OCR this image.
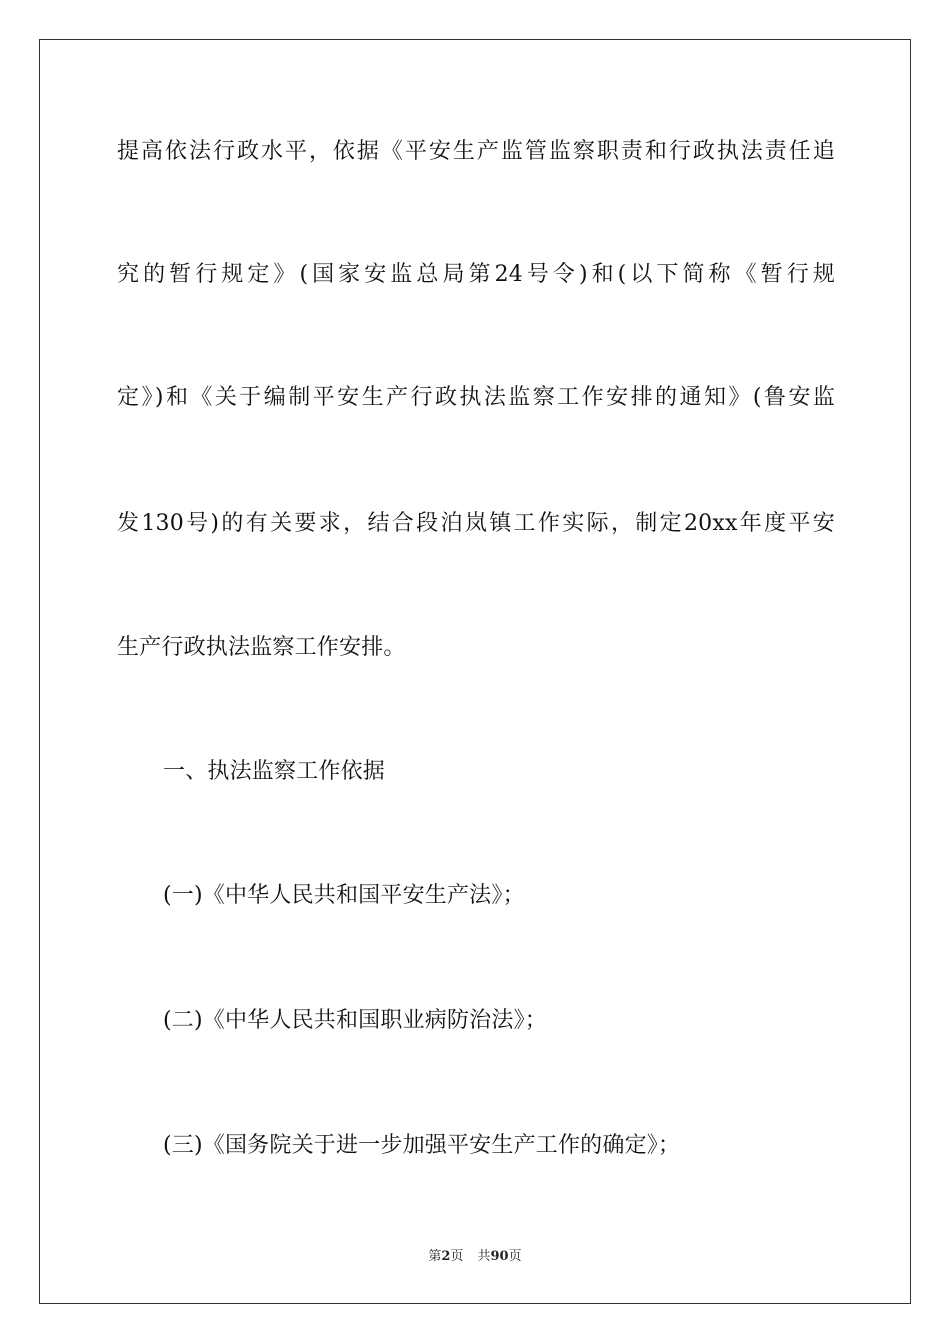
提高依法行政水平，依据《平安生产监管监察职责和行政执法责任追
究的暂行规定》(国家安监总局第24号令)和(以下简称《暂行规
定》)和《关于编制平安生产行政执法监察工作安排的通知》(鲁安监
发130号)的有关要求，结合段泊岚镇工作实际，制定20xx年度平安
生产行政执法监察工作安排。
一、执法监察工作依据
(一)《中华人民共和国平安生产法》；
(二)《中华人民共和国职业病防治法》；
(三)《国务院关于进一步加强平安生产工作的确定》；
第2页 共90页
